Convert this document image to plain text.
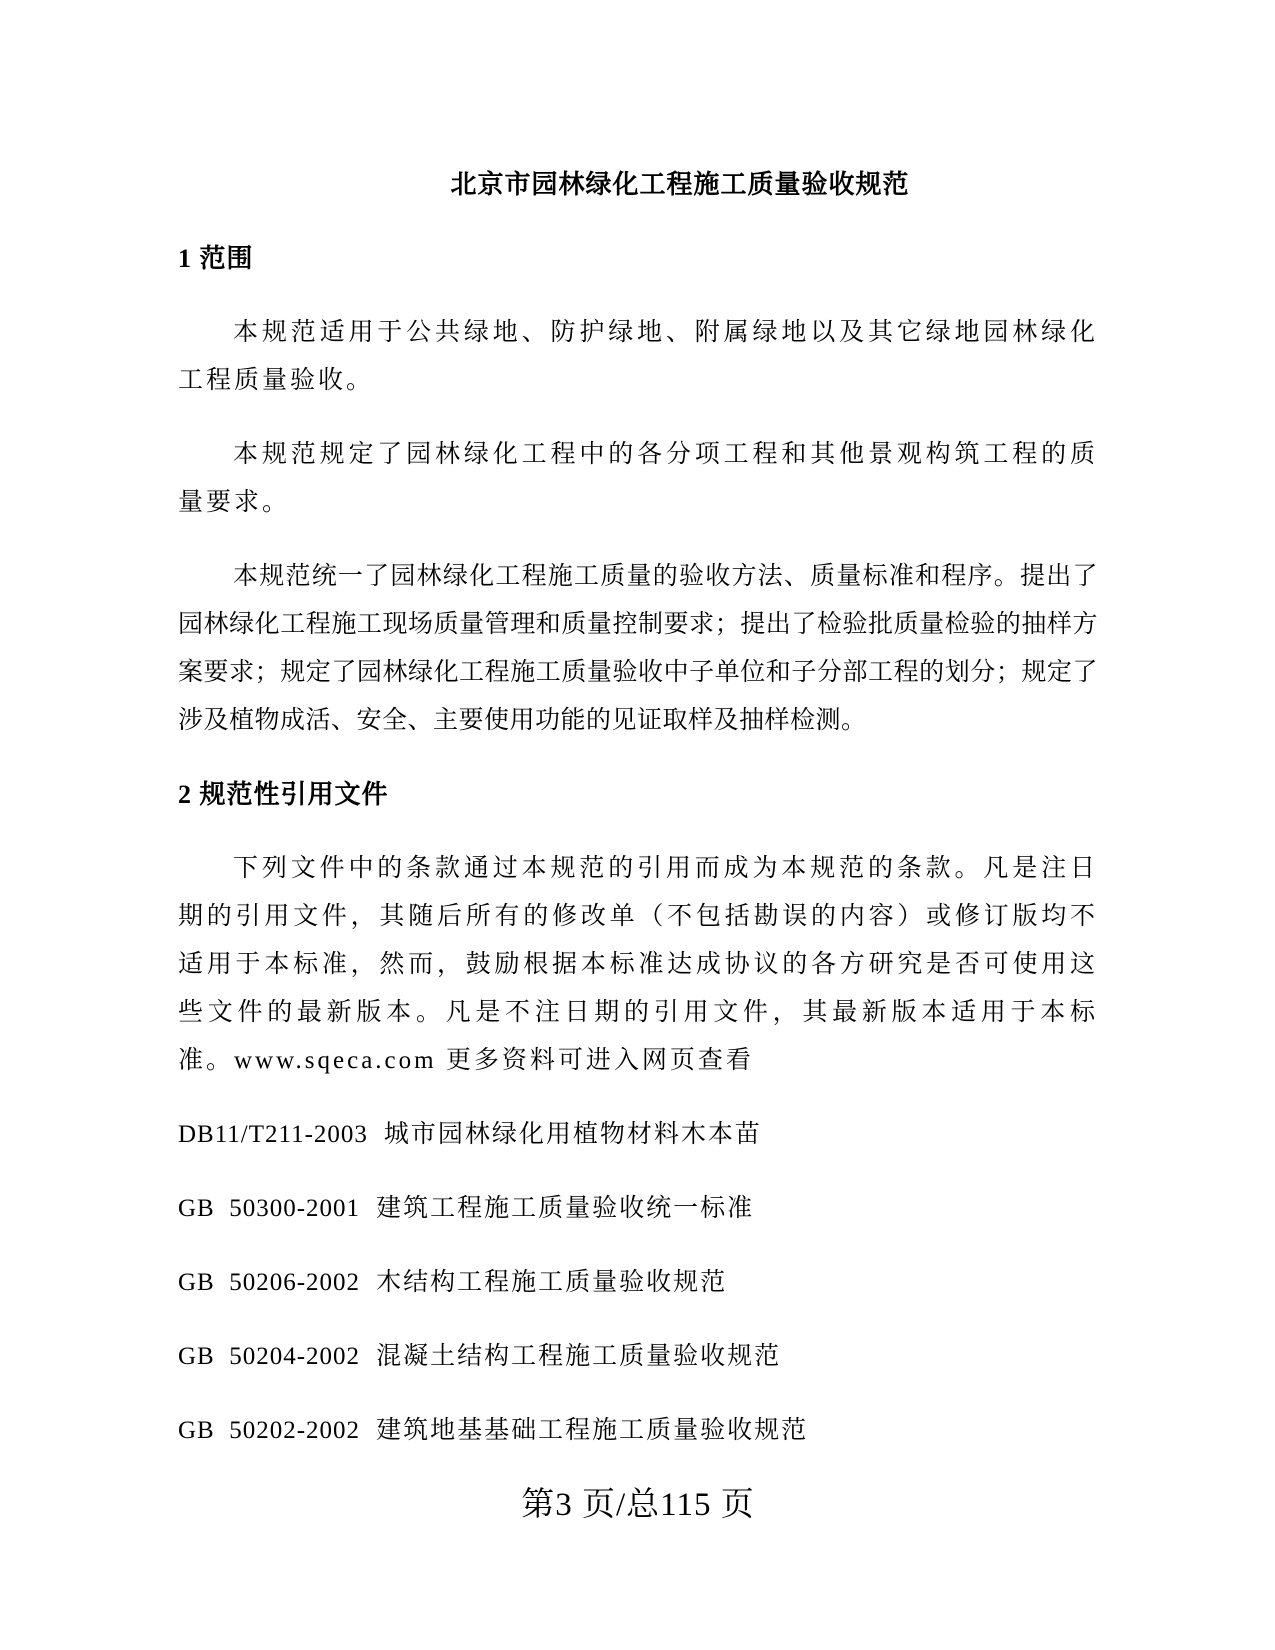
北京市园林绿化工程施工质量验收规范
1 范围

本规范适用于公共绿地、防护绿地、附属绿地以及其它绿地园林绿化工程质量验收。

本规范规定了园林绿化工程中的各分项工程和其他景观构筑工程的质量要求。

本规范统一了园林绿化工程施工质量的验收方法、质量标准和程序。提出了园林绿化工程施工现场质量管理和质量控制要求；提出了检验批质量检验的抽样方案要求；规定了园林绿化工程施工质量验收中子单位和子分部工程的划分；规定了涉及植物成活、安全、主要使用功能的见证取样及抽样检测。

2 规范性引用文件

下列文件中的条款通过本规范的引用而成为本规范的条款。凡是注日期的引用文件，其随后所有的修改单（不包括勘误的内容）或修订版均不适用于本标准，然而，鼓励根据本标准达成协议的各方研究是否可使用这些文件的最新版本。凡是不注日期的引用文件，其最新版本适用于本标准。www.sqeca.com 更多资料可进入网页查看

DB11/T211-2003 城市园林绿化用植物材料木本苗
GB  50300-2001 建筑工程施工质量验收统一标准
GB  50206-2002 木结构工程施工质量验收规范
GB  50204-2002 混凝土结构工程施工质量验收规范
GB  50202-2002 建筑地基基础工程施工质量验收规范
第3 页/总115 页
